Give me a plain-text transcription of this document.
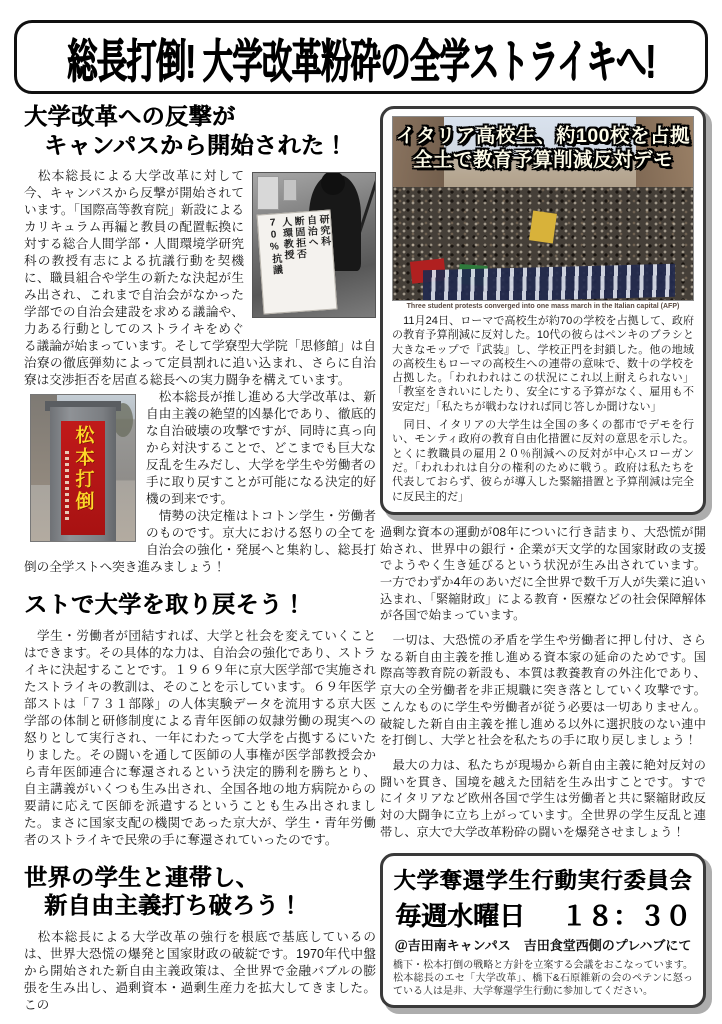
総長打倒! 大学改革粉砕の全学ストライキへ!
大学改革への反撃が
キャンパスから開始された！
研究科
自治へ
断固拒否
人環教授
70%抗議

　松本総長による大学改革に対して今、キャンパスから反撃が開始されています。「国際高等教育院」新設によるカリキュラム再編と教員の配置転換に対する総合人間学部・人間環境学研究科の教授有志による抗議行動を契機に、職員組合や学生の新たな決起が生み出され、これまで自治会がなかった学部での自治会建設を求める議論や、力ある行動としてのストライキをめぐる議論が始まっています。そして学寮型大学院「思修館」は自治寮の徹底弾劾によって定員割れに追い込まれ、さらに自治寮は交渉拒否を居直る総長への実力闘争を構えています。

松本打倒

　松本総長が推し進める大学改革は、新自由主義の絶望的凶暴化であり、徹底的な自治破壊の攻撃ですが、同時に真っ向から対決することで、どこまでも巨大な反乱を生みだし、大学を学生や労働者の手に取り戻すことが可能になる決定的好機の到来です。

　情勢の決定権はトコトン学生・労働者のものです。京大における怒りの全てを自治会の強化・発展へと集約し、総長打倒の全学ストへ突き進みましょう！

ストで大学を取り戻そう！

　学生・労働者が団結すれば、大学と社会を変えていくことはできます。その具体的な力は、自治会の強化であり、ストライキに決起することです。１９６９年に京大医学部で実施されたストライキの教訓は、そのことを示しています。６９年医学部ストは「７３１部隊」の人体実験データを流用する京大医学部の体制と研修制度による青年医師の奴隷労働の現実への怒りとして実行され、一年にわたって大学を占拠するにいたりました。その闘いを通して医師の人事権が医学部教授会から青年医師連合に奪還されるという決定的勝利を勝ちとり、自主講義がいくつも生み出され、全国各地の地方病院からの要請に応えて医師を派遣するということも生み出されました。まさに国家支配の機関であった京大が、学生・青年労働者のストライキで民衆の手に奪還されていったのです。

世界の学生と連帯し、
新自由主義打ち破ろう！

　松本総長による大学改革の強行を根底で基底しているのは、世界大恐慌の爆発と国家財政の破綻です。1970年代中盤から開始された新自由主義政策は、全世界で金融バブルの膨張を生み出し、過剰資本・過剰生産力を拡大してきました。この

イタリア高校生、約100校を占拠
全土で教育予算削減反対デモ
Three student protests converged into one mass march in the Italian capital (AFP)

　11月24日、ローマで高校生が約70の学校を占拠して、政府の教育予算削減に反対した。10代の彼らはペンキのブラシと大きなモップで『武装』し、学校正門を封鎖した。他の地域の高校生もローマの高校生への連帯の意味で、数十の学校を占拠した。「われわれはこの状況にこれ以上耐えられない」「教室をきれいにしたり、安全にする予算がなく、雇用も不安定だ」「私たちが戦わなければ同じ答しか聞けない」

　同日、イタリアの大学生は全国の多くの都市でデモを行い、モンティ政府の教育自由化措置に反対の意思を示した。とくに教職員の雇用２０％削減への反対が中心スローガンだ。「われわれは自分の権利のために戦う。政府は私たちを代表しておらず、彼らが導入した緊縮措置と予算削減は完全に反民主的だ」

過剰な資本の運動が08年についに行き詰まり、大恐慌が開始され、世界中の銀行・企業が天文学的な国家財政の支援でようやく生き延びるという状況が生み出されています。一方でわずか4年のあいだに全世界で数千万人が失業に追い込まれ、「緊縮財政」による教育・医療などの社会保障解体が各国で始まっています。

　一切は、大恐慌の矛盾を学生や労働者に押し付け、さらなる新自由主義を推し進める資本家の延命のためです。国際高等教育院の新設も、本質は教養教育の外注化であり、京大の全労働者を非正規職に突き落としていく攻撃です。こんなものに学生や労働者が従う必要は一切ありません。破綻した新自由主義を推し進める以外に選択肢のない連中を打倒し、大学と社会を私たちの手に取り戻しましょう！

　最大の力は、私たちが現場から新自由主義に絶対反対の闘いを貫き、国境を越えた団結を生み出すことです。すでにイタリアなど欧州各国で学生は労働者と共に緊縮財政反対の大闘争に立ち上がっています。全世界の学生反乱と連帯し、京大で大学改革粉砕の闘いを爆発させましょう！

大学奪還学生行動実行委員会
毎週水曜日 １８：３０
＠吉田南キャンパス　吉田食堂西側のプレハブにて
橋下・松本打倒の戦略と方針を立案する会議をおこなっています。松本総長のエセ「大学改革」、橋下&石原維新の会のペテンに怒っている人は是非、大学奪還学生行動に参加してください。
